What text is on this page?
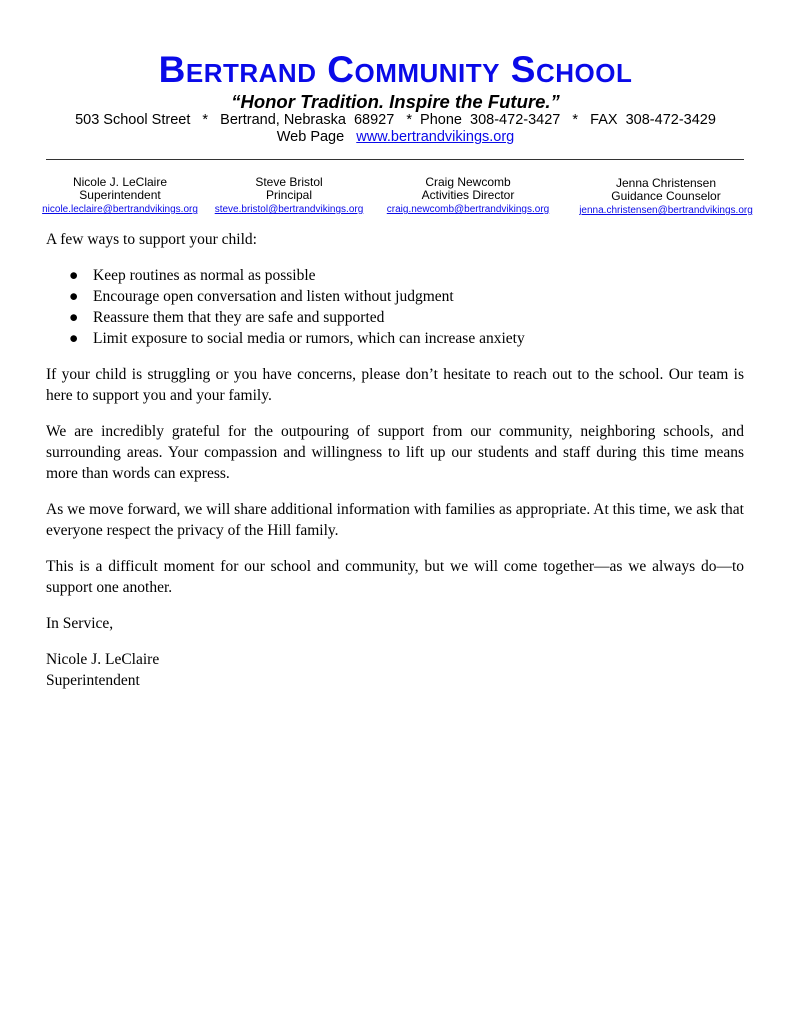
Bertrand Community School
“Honor Tradition. Inspire the Future.”
503 School Street   *   Bertrand, Nebraska  68927   *  Phone  308-472-3427   *   FAX  308-472-3429
Web Page   www.bertrandvikings.org
Nicole J. LeClaire
Superintendent
nicole.leclaire@bertrandvikings.org
Steve Bristol
Principal
steve.bristol@bertrandvikings.org
Craig Newcomb
Activities Director
craig.newcomb@bertrandvikings.org
Jenna Christensen
Guidance Counselor
jenna.christensen@bertrandvikings.org

A few ways to support your child:

● Keep routines as normal as possible
● Encourage open conversation and listen without judgment
● Reassure them that they are safe and supported
● Limit exposure to social media or rumors, which can increase anxiety

If your child is struggling or you have concerns, please don’t hesitate to reach out to the school. Our team is here to support you and your family.

We are incredibly grateful for the outpouring of support from our community, neighboring schools, and surrounding areas. Your compassion and willingness to lift up our students and staff during this time means more than words can express.

As we move forward, we will share additional information with families as appropriate. At this time, we ask that everyone respect the privacy of the Hill family.

This is a difficult moment for our school and community, but we will come together—as we always do—to support one another.

In Service,

Nicole J. LeClaire
Superintendent
